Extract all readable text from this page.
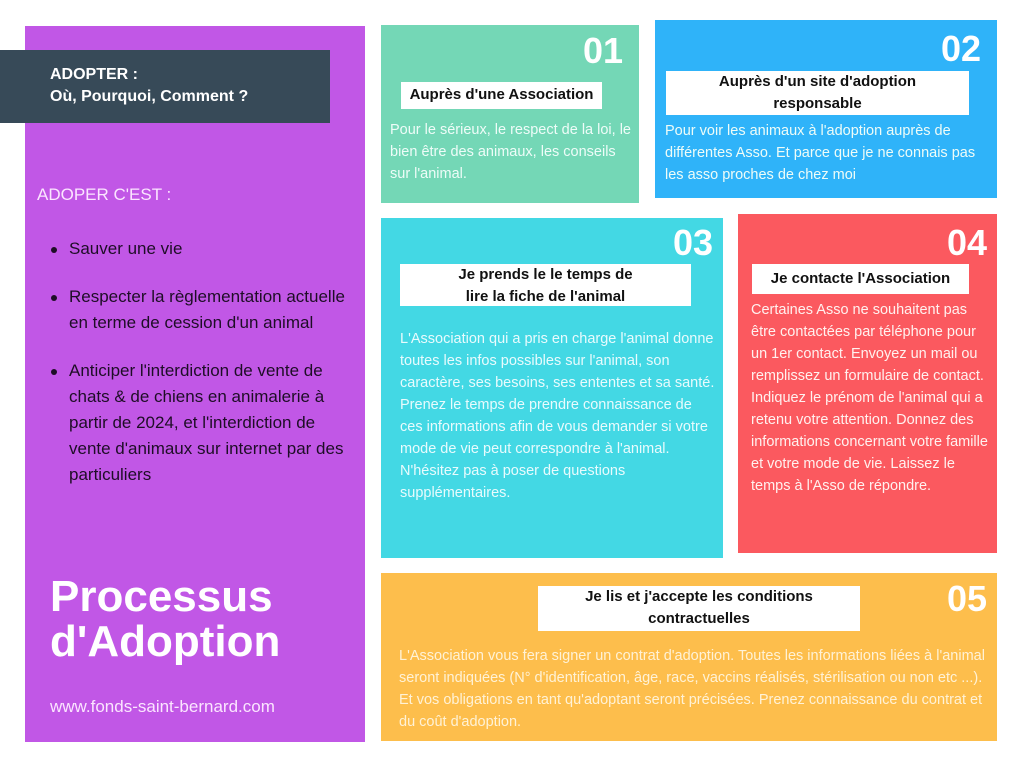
ADOPTER :
Où, Pourquoi, Comment ?
ADOPER C'EST :
Sauver une vie
Respecter la règlementation actuelle en terme de cession d'un animal
Anticiper l'interdiction de vente de chats & de chiens en animalerie à partir de 2024, et l'interdiction de vente d'animaux sur internet par des particuliers
Processus
d'Adoption
www.fonds-saint-bernard.com
01
Auprès d'une Association
Pour le sérieux, le respect de la loi, le bien être des animaux, les conseils sur l'animal.
02
Auprès d'un site d'adoption responsable
Pour voir les animaux à l'adoption auprès de différentes Asso. Et parce que je ne connais pas les asso proches de chez moi
03
Je prends le le temps de
lire la fiche de l'animal
L'Association qui a pris en charge l'animal donne toutes les infos possibles sur l'animal, son caractère, ses besoins, ses ententes et sa santé.
Prenez le temps de prendre connaissance de ces informations afin de vous demander si votre mode de vie peut correspondre à l'animal. N'hésitez pas à poser de questions supplémentaires.
04
Je contacte l'Association
Certaines Asso ne souhaitent pas être contactées par téléphone pour un 1er contact. Envoyez un mail ou remplissez un formulaire de contact. Indiquez le prénom de l'animal qui a retenu votre attention. Donnez des informations concernant votre famille et votre mode de vie. Laissez le temps à l'Asso de répondre.
05
Je lis et j'accepte les conditions contractuelles
L'Association vous fera signer un contrat d'adoption. Toutes les informations liées à l'animal seront indiquées (N° d'identification, âge, race, vaccins réalisés, stérilisation ou non etc ...). Et vos obligations en tant qu'adoptant seront précisées. Prenez connaissance du contrat et du coût d'adoption.
